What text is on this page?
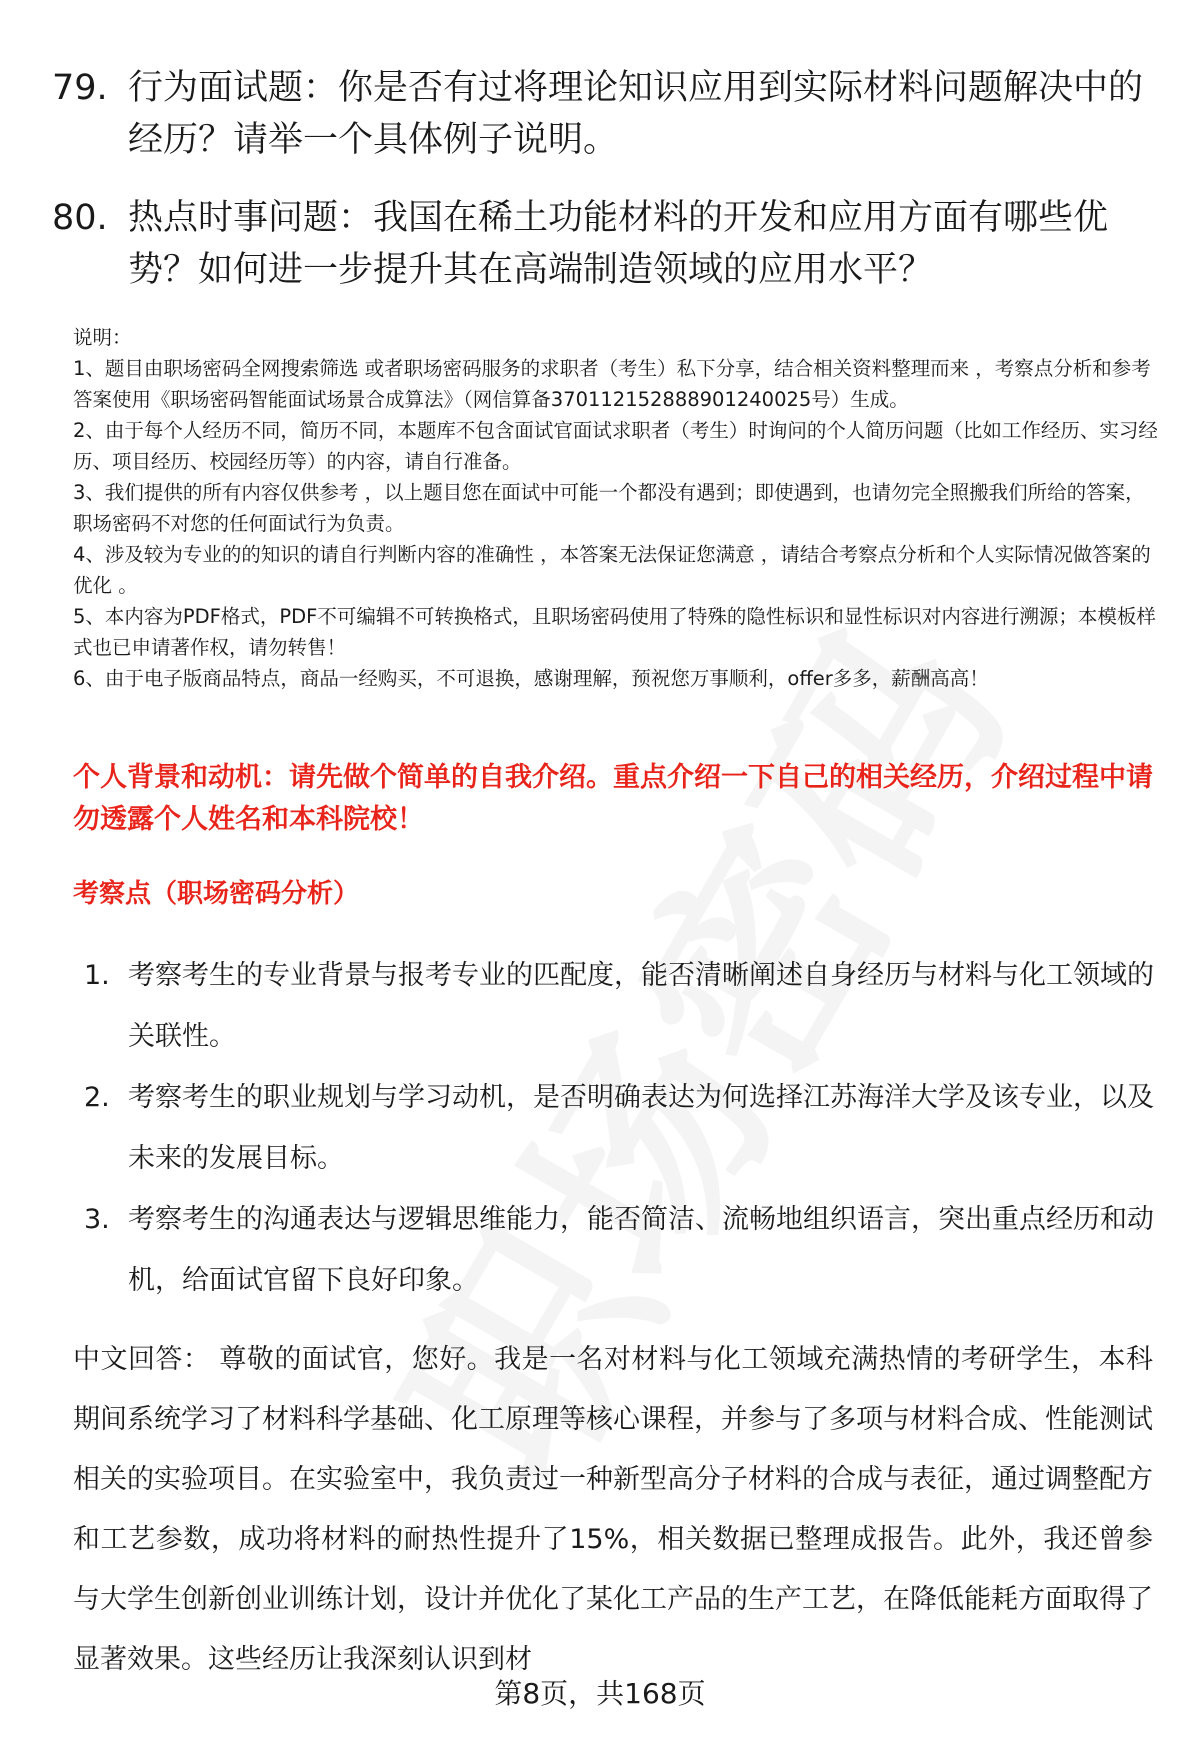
79. 行为面试题：你是否有过将理论知识应用到实际材料问题解决中的经历？请举一个具体例子说明。
80. 热点时事问题：我国在稀土功能材料的开发和应用方面有哪些优势？如何进一步提升其在高端制造领域的应用水平？
说明：
1、题目由职场密码全网搜索筛选 或者职场密码服务的求职者（考生）私下分享，结合相关资料整理而来 ，考察点分析和参考答案使用《职场密码智能面试场景合成算法》（网信算备370112152888901240025号）生成。
2、由于每个人经历不同，简历不同，本题库不包含面试官面试求职者（考生）时询问的个人简历问题（比如工作经历、实习经历、项目经历、校园经历等）的内容，请自行准备。
3、我们提供的所有内容仅供参考 ，以上题目您在面试中可能一个都没有遇到；即使遇到，也请勿完全照搬我们所给的答案，职场密码不对您的任何面试行为负责。
4、涉及较为专业的的知识的请自行判断内容的准确性 ，本答案无法保证您满意 ，请结合考察点分析和个人实际情况做答案的优化 。
5、本内容为PDF格式，PDF不可编辑不可转换格式，且职场密码使用了特殊的隐性标识和显性标识对内容进行溯源；本模板样式也已申请著作权，请勿转售！
6、由于电子版商品特点，商品一经购买，不可退换，感谢理解，预祝您万事顺利，offer多多，薪酬高高！
个人背景和动机：请先做个简单的自我介绍。重点介绍一下自己的相关经历，介绍过程中请勿透露个人姓名和本科院校！
考察点（职场密码分析）
1. 考察考生的专业背景与报考专业的匹配度，能否清晰阐述自身经历与材料与化工领域的关联性。
2. 考察考生的职业规划与学习动机，是否明确表达为何选择江苏海洋大学及该专业，以及未来的发展目标。
3. 考察考生的沟通表达与逻辑思维能力，能否简洁、流畅地组织语言，突出重点经历和动机，给面试官留下良好印象。
中文回答： 尊敬的面试官，您好。我是一名对材料与化工领域充满热情的考研学生，本科期间系统学习了材料科学基础、化工原理等核心课程，并参与了多项与材料合成、性能测试相关的实验项目。在实验室中，我负责过一种新型高分子材料的合成与表征，通过调整配方和工艺参数，成功将材料的耐热性提升了15%，相关数据已整理成报告。此外，我还曾参与大学生创新创业训练计划，设计并优化了某化工产品的生产工艺，在降低能耗方面取得了显著效果。这些经历让我深刻认识到材
第8页，共168页
